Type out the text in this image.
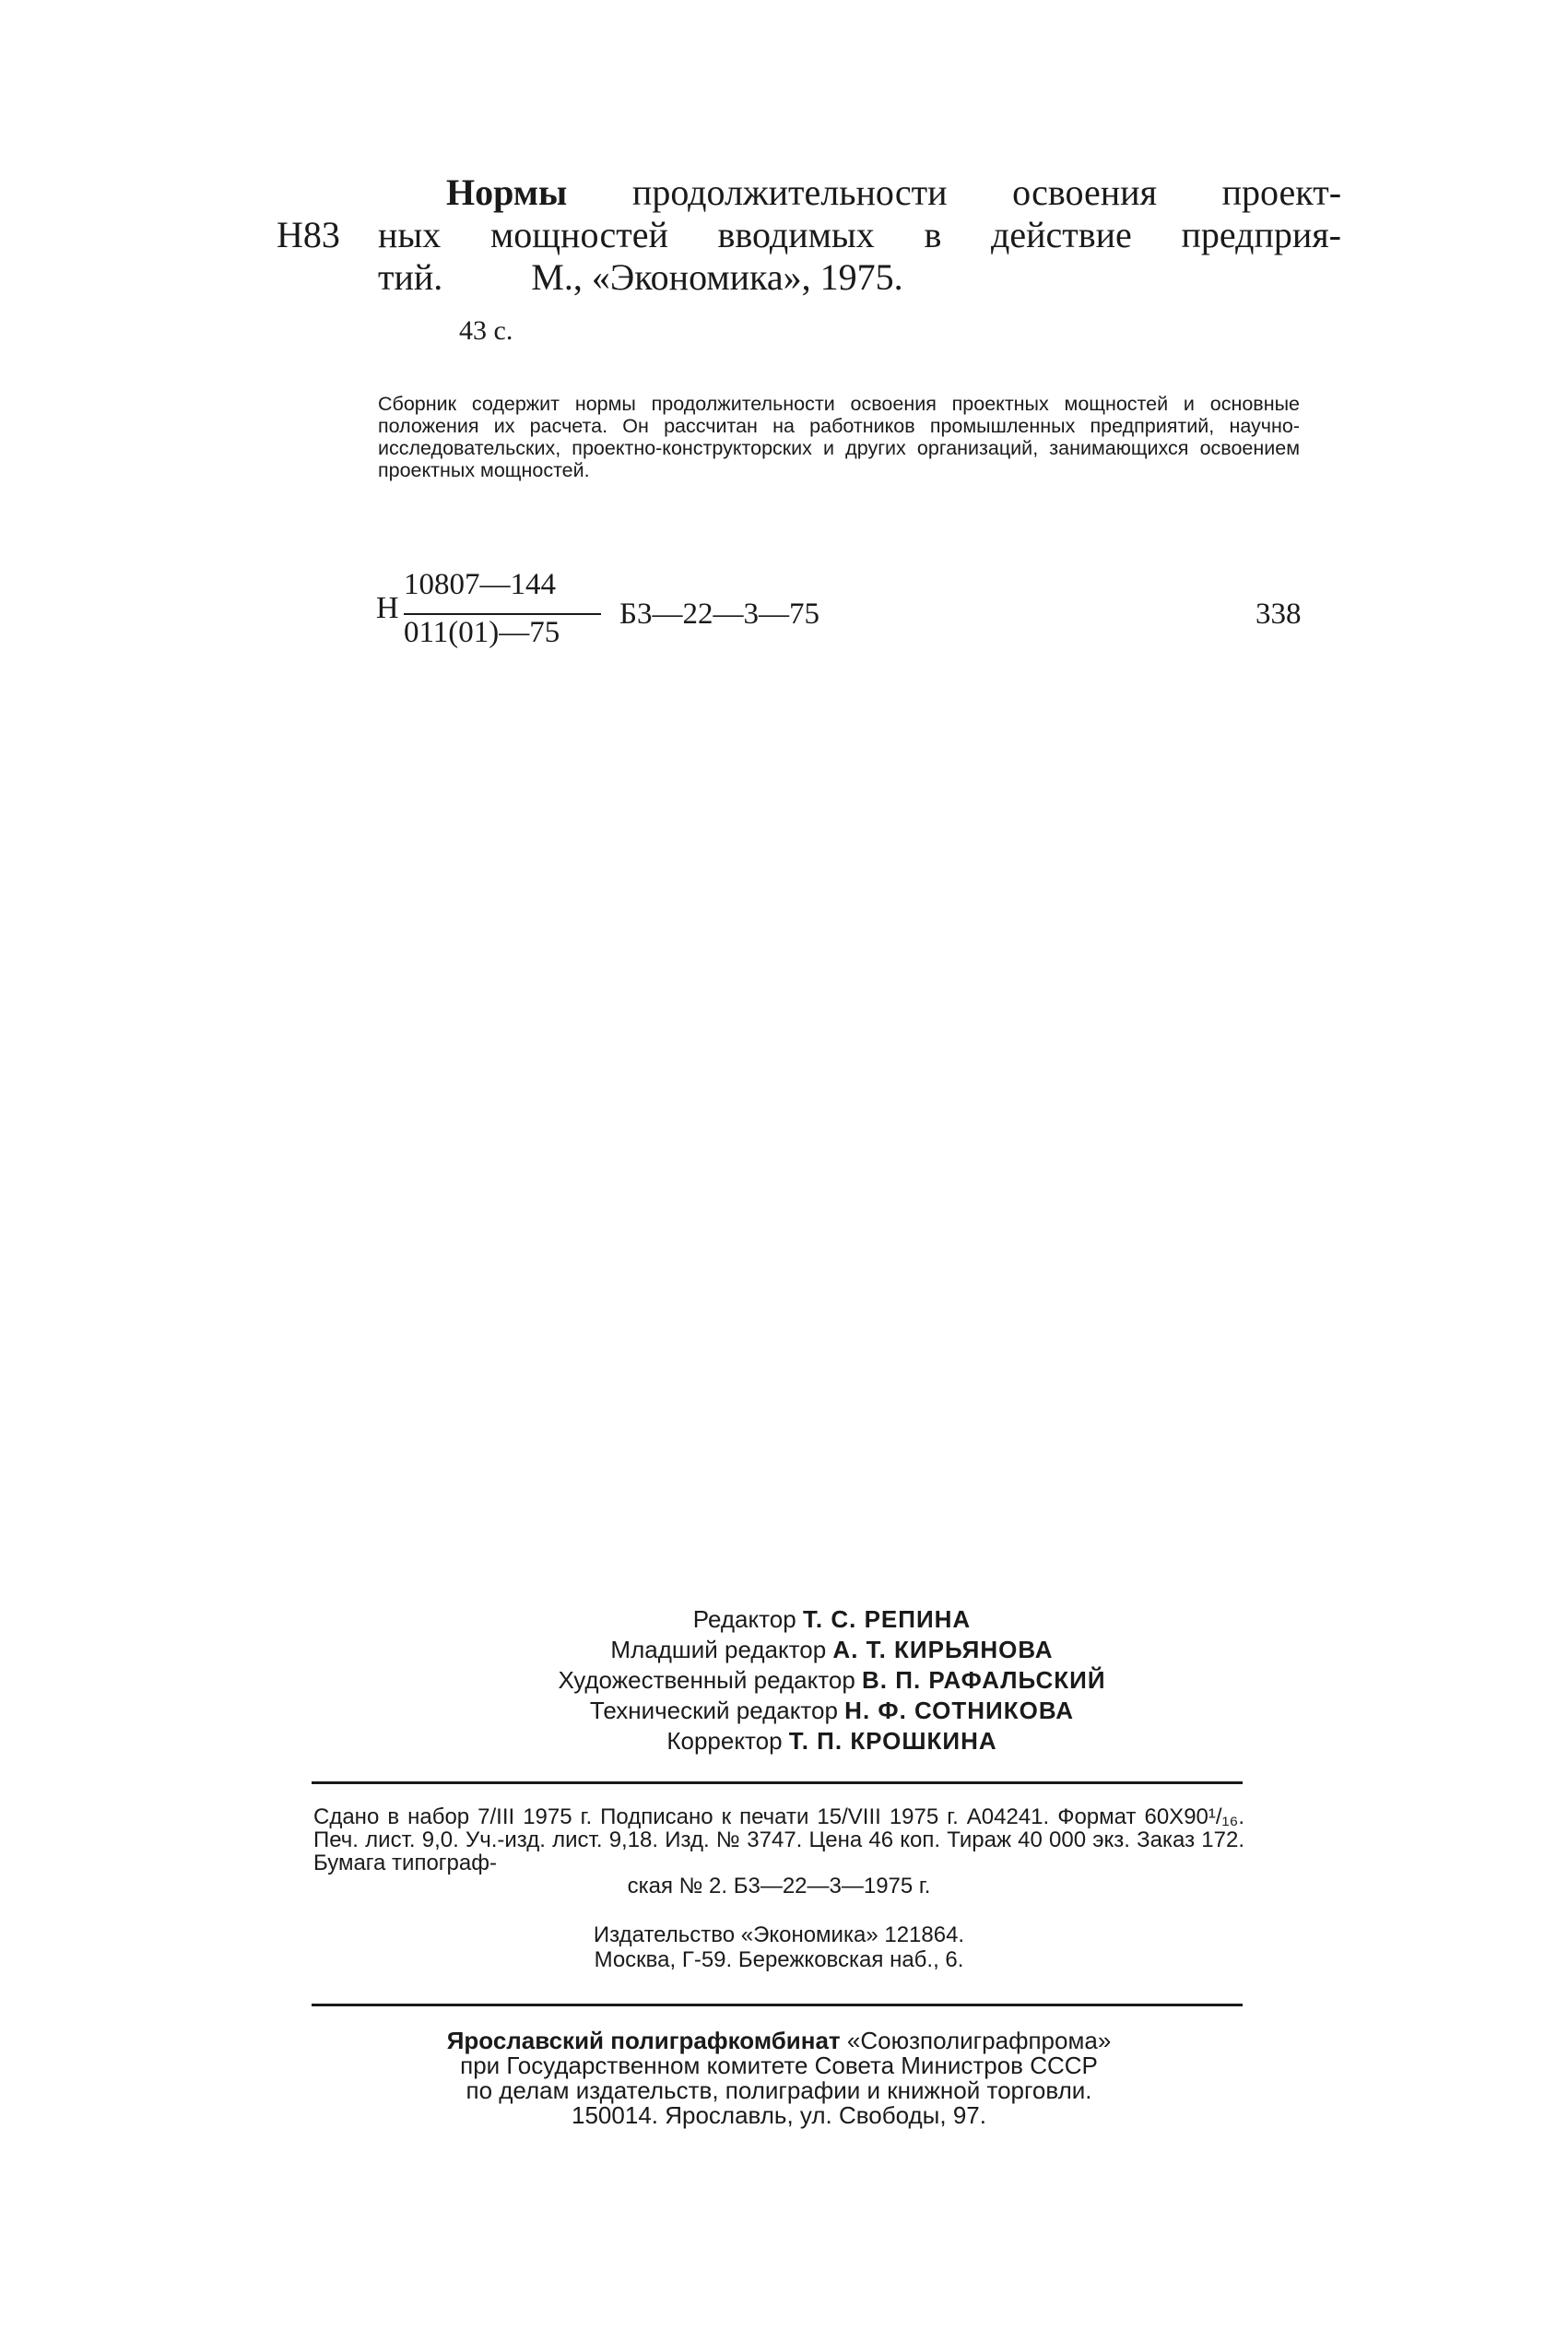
Н83
Нормы продолжительности освоения проект-
ных мощностей вводимых в действие предприя-
тий. М., «Экономика», 1975.
43 с.
Сборник содержит нормы продолжительности освоения проектных мощностей и основные положения их расчета. Он рассчитан на работников промышленных предприятий, научно-исследовательских, проектно-конструкторских и других организаций, занимающихся освоением проектных мощностей.
Н
10807—144
011(01)—75
Б3—22—3—75	338
Редактор Т. С. РЕПИНА
Младший редактор А. Т. КИРЬЯНОВА
Художественный редактор В. П. РАФАЛЬСКИЙ
Технический редактор Н. Ф. СОТНИКОВА
Корректор Т. П. КРОШКИНА
Сдано в набор 7/III 1975 г. Подписано к печати 15/VIII 1975 г. А04241. Формат 60Х90¹/₁₆. Печ. лист. 9,0. Уч.-изд. лист. 9,18. Изд. № 3747. Цена 46 коп. Тираж 40 000 экз. Заказ 172. Бумага типограф-
ская № 2. Б3—22—3—1975 г.
Издательство «Экономика» 121864.
Москва, Г-59. Бережковская наб., 6.
Ярославский полиграфкомбинат «Союзполиграфпрома»
при Государственном комитете Совета Министров СССР
по делам издательств, полиграфии и книжной торговли.
150014. Ярославль, ул. Свободы, 97.
